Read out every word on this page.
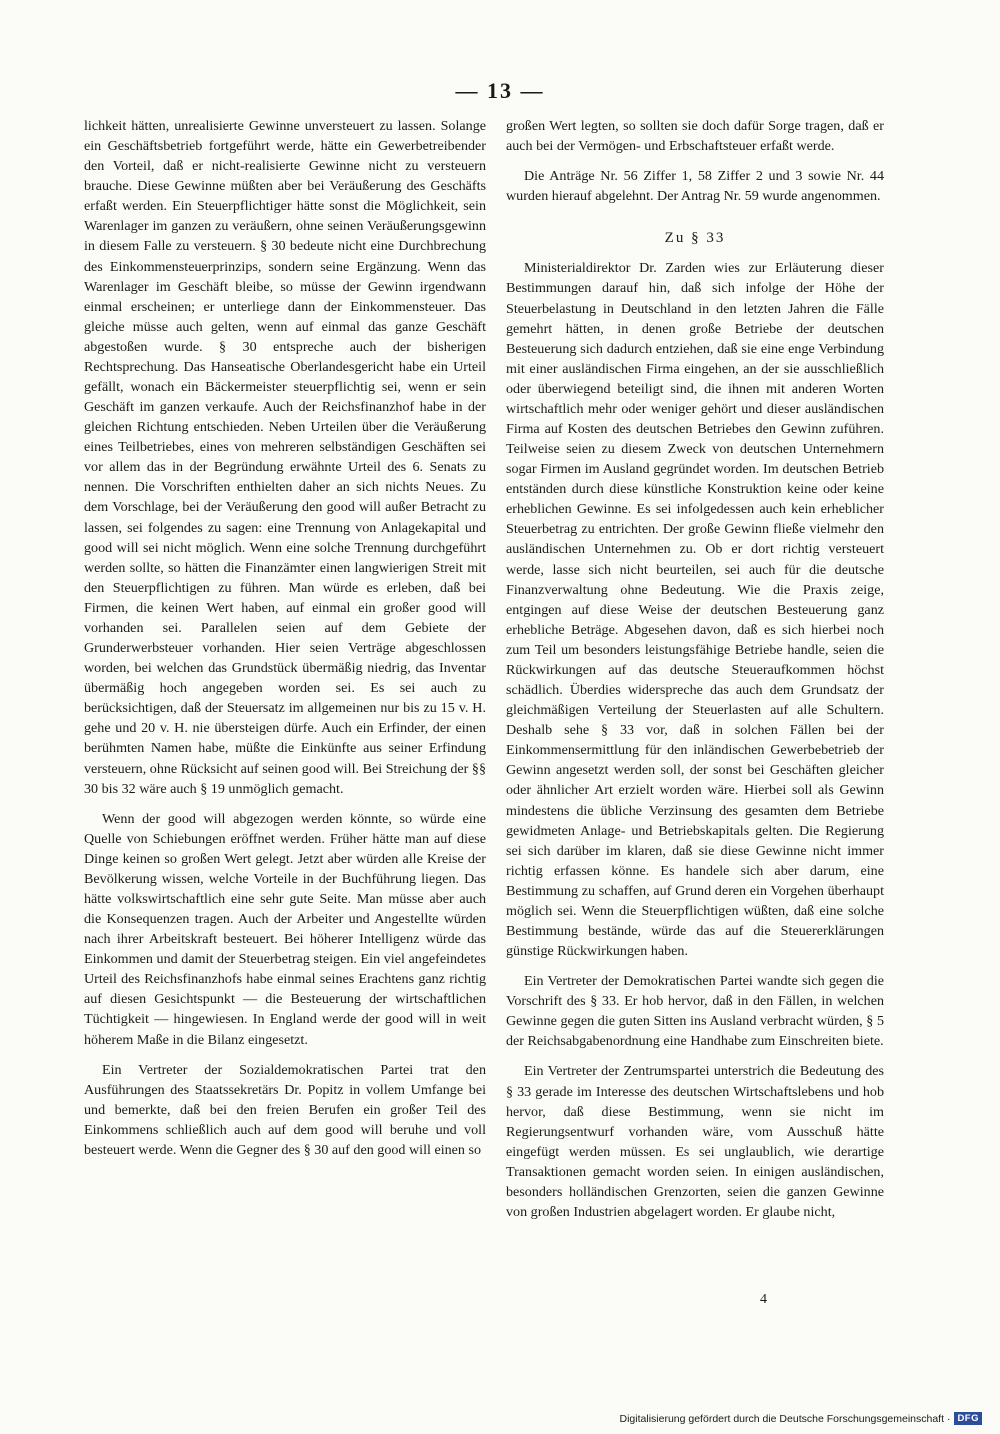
— 13 —

lichkeit hätten, unrealisierte Gewinne unversteuert zu lassen. Solange ein Geschäftsbetrieb fortgeführt werde, hätte ein Gewerbetreibender den Vorteil, daß er nicht-realisierte Gewinne nicht zu versteuern brauche. Diese Gewinne müßten aber bei Veräußerung des Geschäfts erfaßt werden. Ein Steuerpflichtiger hätte sonst die Möglichkeit, sein Warenlager im ganzen zu veräußern, ohne seinen Veräußerungsgewinn in diesem Falle zu versteuern. § 30 bedeute nicht eine Durchbrechung des Einkommensteuerprinzips, sondern seine Ergänzung. Wenn das Warenlager im Geschäft bleibe, so müsse der Gewinn irgendwann einmal erscheinen; er unterliege dann der Einkommensteuer. Das gleiche müsse auch gelten, wenn auf einmal das ganze Geschäft abgestoßen wurde. § 30 entspreche auch der bisherigen Rechtsprechung. Das Hanseatische Oberlandesgericht habe ein Urteil gefällt, wonach ein Bäckermeister steuerpflichtig sei, wenn er sein Geschäft im ganzen verkaufe. Auch der Reichsfinanzhof habe in der gleichen Richtung entschieden. Neben Urteilen über die Veräußerung eines Teilbetriebes, eines von mehreren selbständigen Geschäften sei vor allem das in der Begründung erwähnte Urteil des 6. Senats zu nennen. Die Vorschriften enthielten daher an sich nichts Neues. Zu dem Vorschlage, bei der Veräußerung den good will außer Betracht zu lassen, sei folgendes zu sagen: eine Trennung von Anlagekapital und good will sei nicht möglich. Wenn eine solche Trennung durchgeführt werden sollte, so hätten die Finanzämter einen langwierigen Streit mit den Steuerpflichtigen zu führen. Man würde es erleben, daß bei Firmen, die keinen Wert haben, auf einmal ein großer good will vorhanden sei. Parallelen seien auf dem Gebiete der Grunderwerbsteuer vorhanden. Hier seien Verträge abgeschlossen worden, bei welchen das Grundstück übermäßig niedrig, das Inventar übermäßig hoch angegeben worden sei. Es sei auch zu berücksichtigen, daß der Steuersatz im allgemeinen nur bis zu 15 v. H. gehe und 20 v. H. nie übersteigen dürfe. Auch ein Erfinder, der einen berühmten Namen habe, müßte die Einkünfte aus seiner Erfindung versteuern, ohne Rücksicht auf seinen good will. Bei Streichung der §§ 30 bis 32 wäre auch § 19 unmöglich gemacht.

Wenn der good will abgezogen werden könnte, so würde eine Quelle von Schiebungen eröffnet werden. Früher hätte man auf diese Dinge keinen so großen Wert gelegt. Jetzt aber würden alle Kreise der Bevölkerung wissen, welche Vorteile in der Buchführung liegen. Das hätte volkswirtschaftlich eine sehr gute Seite. Man müsse aber auch die Konsequenzen tragen. Auch der Arbeiter und Angestellte würden nach ihrer Arbeitskraft besteuert. Bei höherer Intelligenz würde das Einkommen und damit der Steuerbetrag steigen. Ein viel angefeindetes Urteil des Reichsfinanzhofs habe einmal seines Erachtens ganz richtig auf diesen Gesichtspunkt — die Besteuerung der wirtschaftlichen Tüchtigkeit — hingewiesen. In England werde der good will in weit höherem Maße in die Bilanz eingesetzt.

Ein Vertreter der Sozialdemokratischen Partei trat den Ausführungen des Staatssekretärs Dr. Popitz in vollem Umfange bei und bemerkte, daß bei den freien Berufen ein großer Teil des Einkommens schließlich auch auf dem good will beruhe und voll besteuert werde. Wenn die Gegner des § 30 auf den good will einen so

großen Wert legten, so sollten sie doch dafür Sorge tragen, daß er auch bei der Vermögen- und Erbschaftsteuer erfaßt werde.

Die Anträge Nr. 56 Ziffer 1, 58 Ziffer 2 und 3 sowie Nr. 44 wurden hierauf abgelehnt. Der Antrag Nr. 59 wurde angenommen.

Zu § 33

Ministerialdirektor Dr. Zarden wies zur Erläuterung dieser Bestimmungen darauf hin, daß sich infolge der Höhe der Steuerbelastung in Deutschland in den letzten Jahren die Fälle gemehrt hätten, in denen große Betriebe der deutschen Besteuerung sich dadurch entziehen, daß sie eine enge Verbindung mit einer ausländischen Firma eingehen, an der sie ausschließlich oder überwiegend beteiligt sind, die ihnen mit anderen Worten wirtschaftlich mehr oder weniger gehört und dieser ausländischen Firma auf Kosten des deutschen Betriebes den Gewinn zuführen. Teilweise seien zu diesem Zweck von deutschen Unternehmern sogar Firmen im Ausland gegründet worden. Im deutschen Betrieb entständen durch diese künstliche Konstruktion keine oder keine erheblichen Gewinne. Es sei infolgedessen auch kein erheblicher Steuerbetrag zu entrichten. Der große Gewinn fließe vielmehr den ausländischen Unternehmen zu. Ob er dort richtig versteuert werde, lasse sich nicht beurteilen, sei auch für die deutsche Finanzverwaltung ohne Bedeutung. Wie die Praxis zeige, entgingen auf diese Weise der deutschen Besteuerung ganz erhebliche Beträge. Abgesehen davon, daß es sich hierbei noch zum Teil um besonders leistungsfähige Betriebe handle, seien die Rückwirkungen auf das deutsche Steueraufkommen höchst schädlich. Überdies widerspreche das auch dem Grundsatz der gleichmäßigen Verteilung der Steuerlasten auf alle Schultern. Deshalb sehe § 33 vor, daß in solchen Fällen bei der Einkommensermittlung für den inländischen Gewerbebetrieb der Gewinn angesetzt werden soll, der sonst bei Geschäften gleicher oder ähnlicher Art erzielt worden wäre. Hierbei soll als Gewinn mindestens die übliche Verzinsung des gesamten dem Betriebe gewidmeten Anlage- und Betriebskapitals gelten. Die Regierung sei sich darüber im klaren, daß sie diese Gewinne nicht immer richtig erfassen könne. Es handele sich aber darum, eine Bestimmung zu schaffen, auf Grund deren ein Vorgehen überhaupt möglich sei. Wenn die Steuerpflichtigen wüßten, daß eine solche Bestimmung bestände, würde das auf die Steuererklärungen günstige Rückwirkungen haben.

Ein Vertreter der Demokratischen Partei wandte sich gegen die Vorschrift des § 33. Er hob hervor, daß in den Fällen, in welchen Gewinne gegen die guten Sitten ins Ausland verbracht würden, § 5 der Reichsabgabenordnung eine Handhabe zum Einschreiten biete.

Ein Vertreter der Zentrumspartei unterstrich die Bedeutung des § 33 gerade im Interesse des deutschen Wirtschaftslebens und hob hervor, daß diese Bestimmung, wenn sie nicht im Regierungsentwurf vorhanden wäre, vom Ausschuß hätte eingefügt werden müssen. Es sei unglaublich, wie derartige Transaktionen gemacht worden seien. In einigen ausländischen, besonders holländischen Grenzorten, seien die ganzen Gewinne von großen Industrien abgelagert worden. Er glaube nicht,

4
Digitalisierung gefördert durch die Deutsche Forschungsgemeinschaft · DFG
